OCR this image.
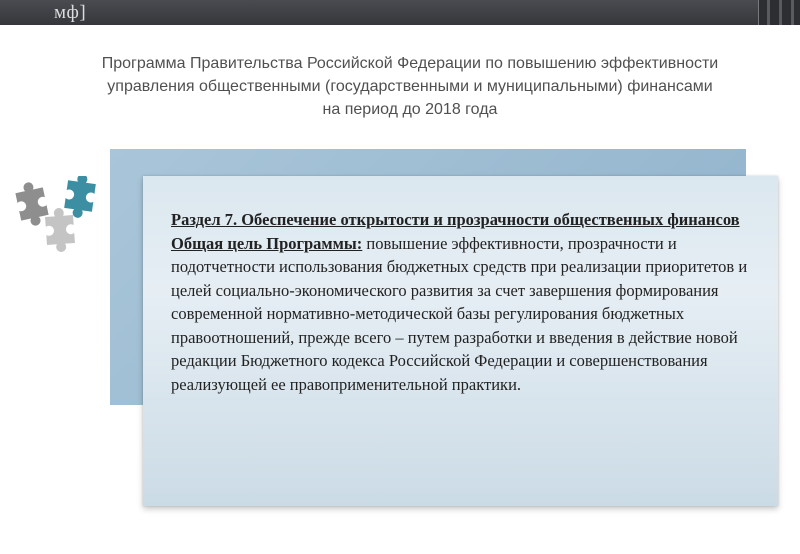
мф]
Программа Правительства Российской Федерации по повышению эффективности управления общественными (государственными и муниципальными) финансами на период до 2018 года
Раздел 7. Обеспечение открытости и прозрачности общественных финансов
Общая цель Программы: повышение эффективности, прозрачности и подотчетности использования бюджетных средств при реализации приоритетов и целей социально-экономического развития за счет завершения формирования современной нормативно-методической базы регулирования бюджетных правоотношений, прежде всего – путем разработки и введения в действие новой редакции Бюджетного кодекса Российской Федерации и совершенствования реализующей ее правоприменительной практики.
